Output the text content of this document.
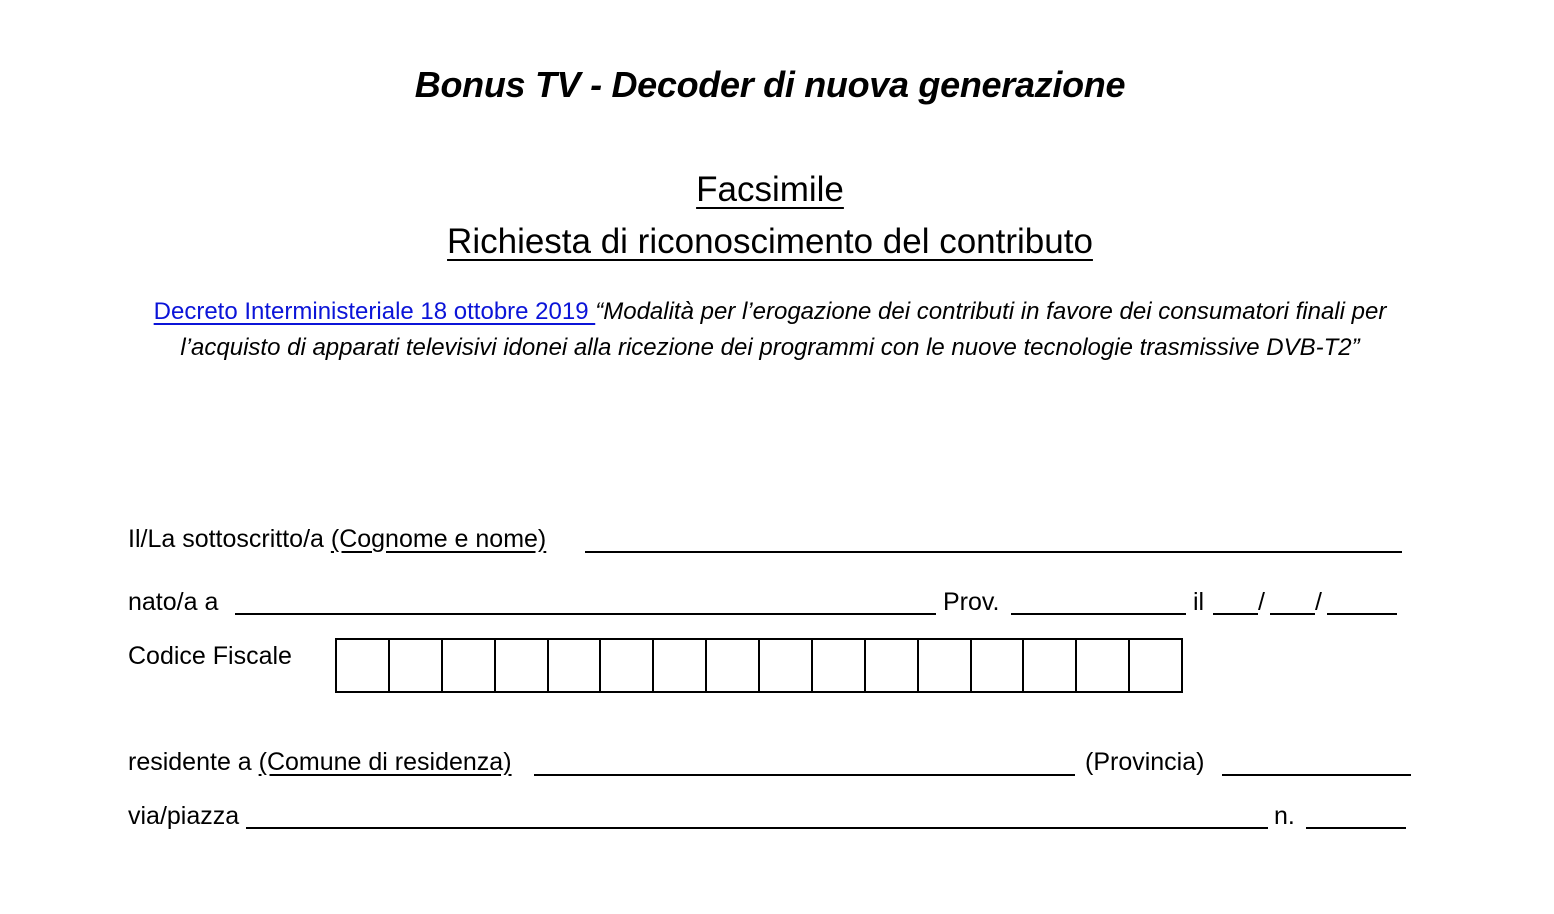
Bonus TV - Decoder di nuova generazione
Facsimile
Richiesta di riconoscimento del contributo
Decreto Interministeriale 18 ottobre 2019 “Modalità per l’erogazione dei contributi in favore dei consumatori finali per l’acquisto di apparati televisivi idonei alla ricezione dei programmi con le nuove tecnologie trasmissive DVB-T2”
Il/La sottoscritto/a (Cognome e nome)
nato/a a	Prov.	il / /
Codice Fiscale
residente a (Comune di residenza)	(Provincia)
via/piazza	n.
